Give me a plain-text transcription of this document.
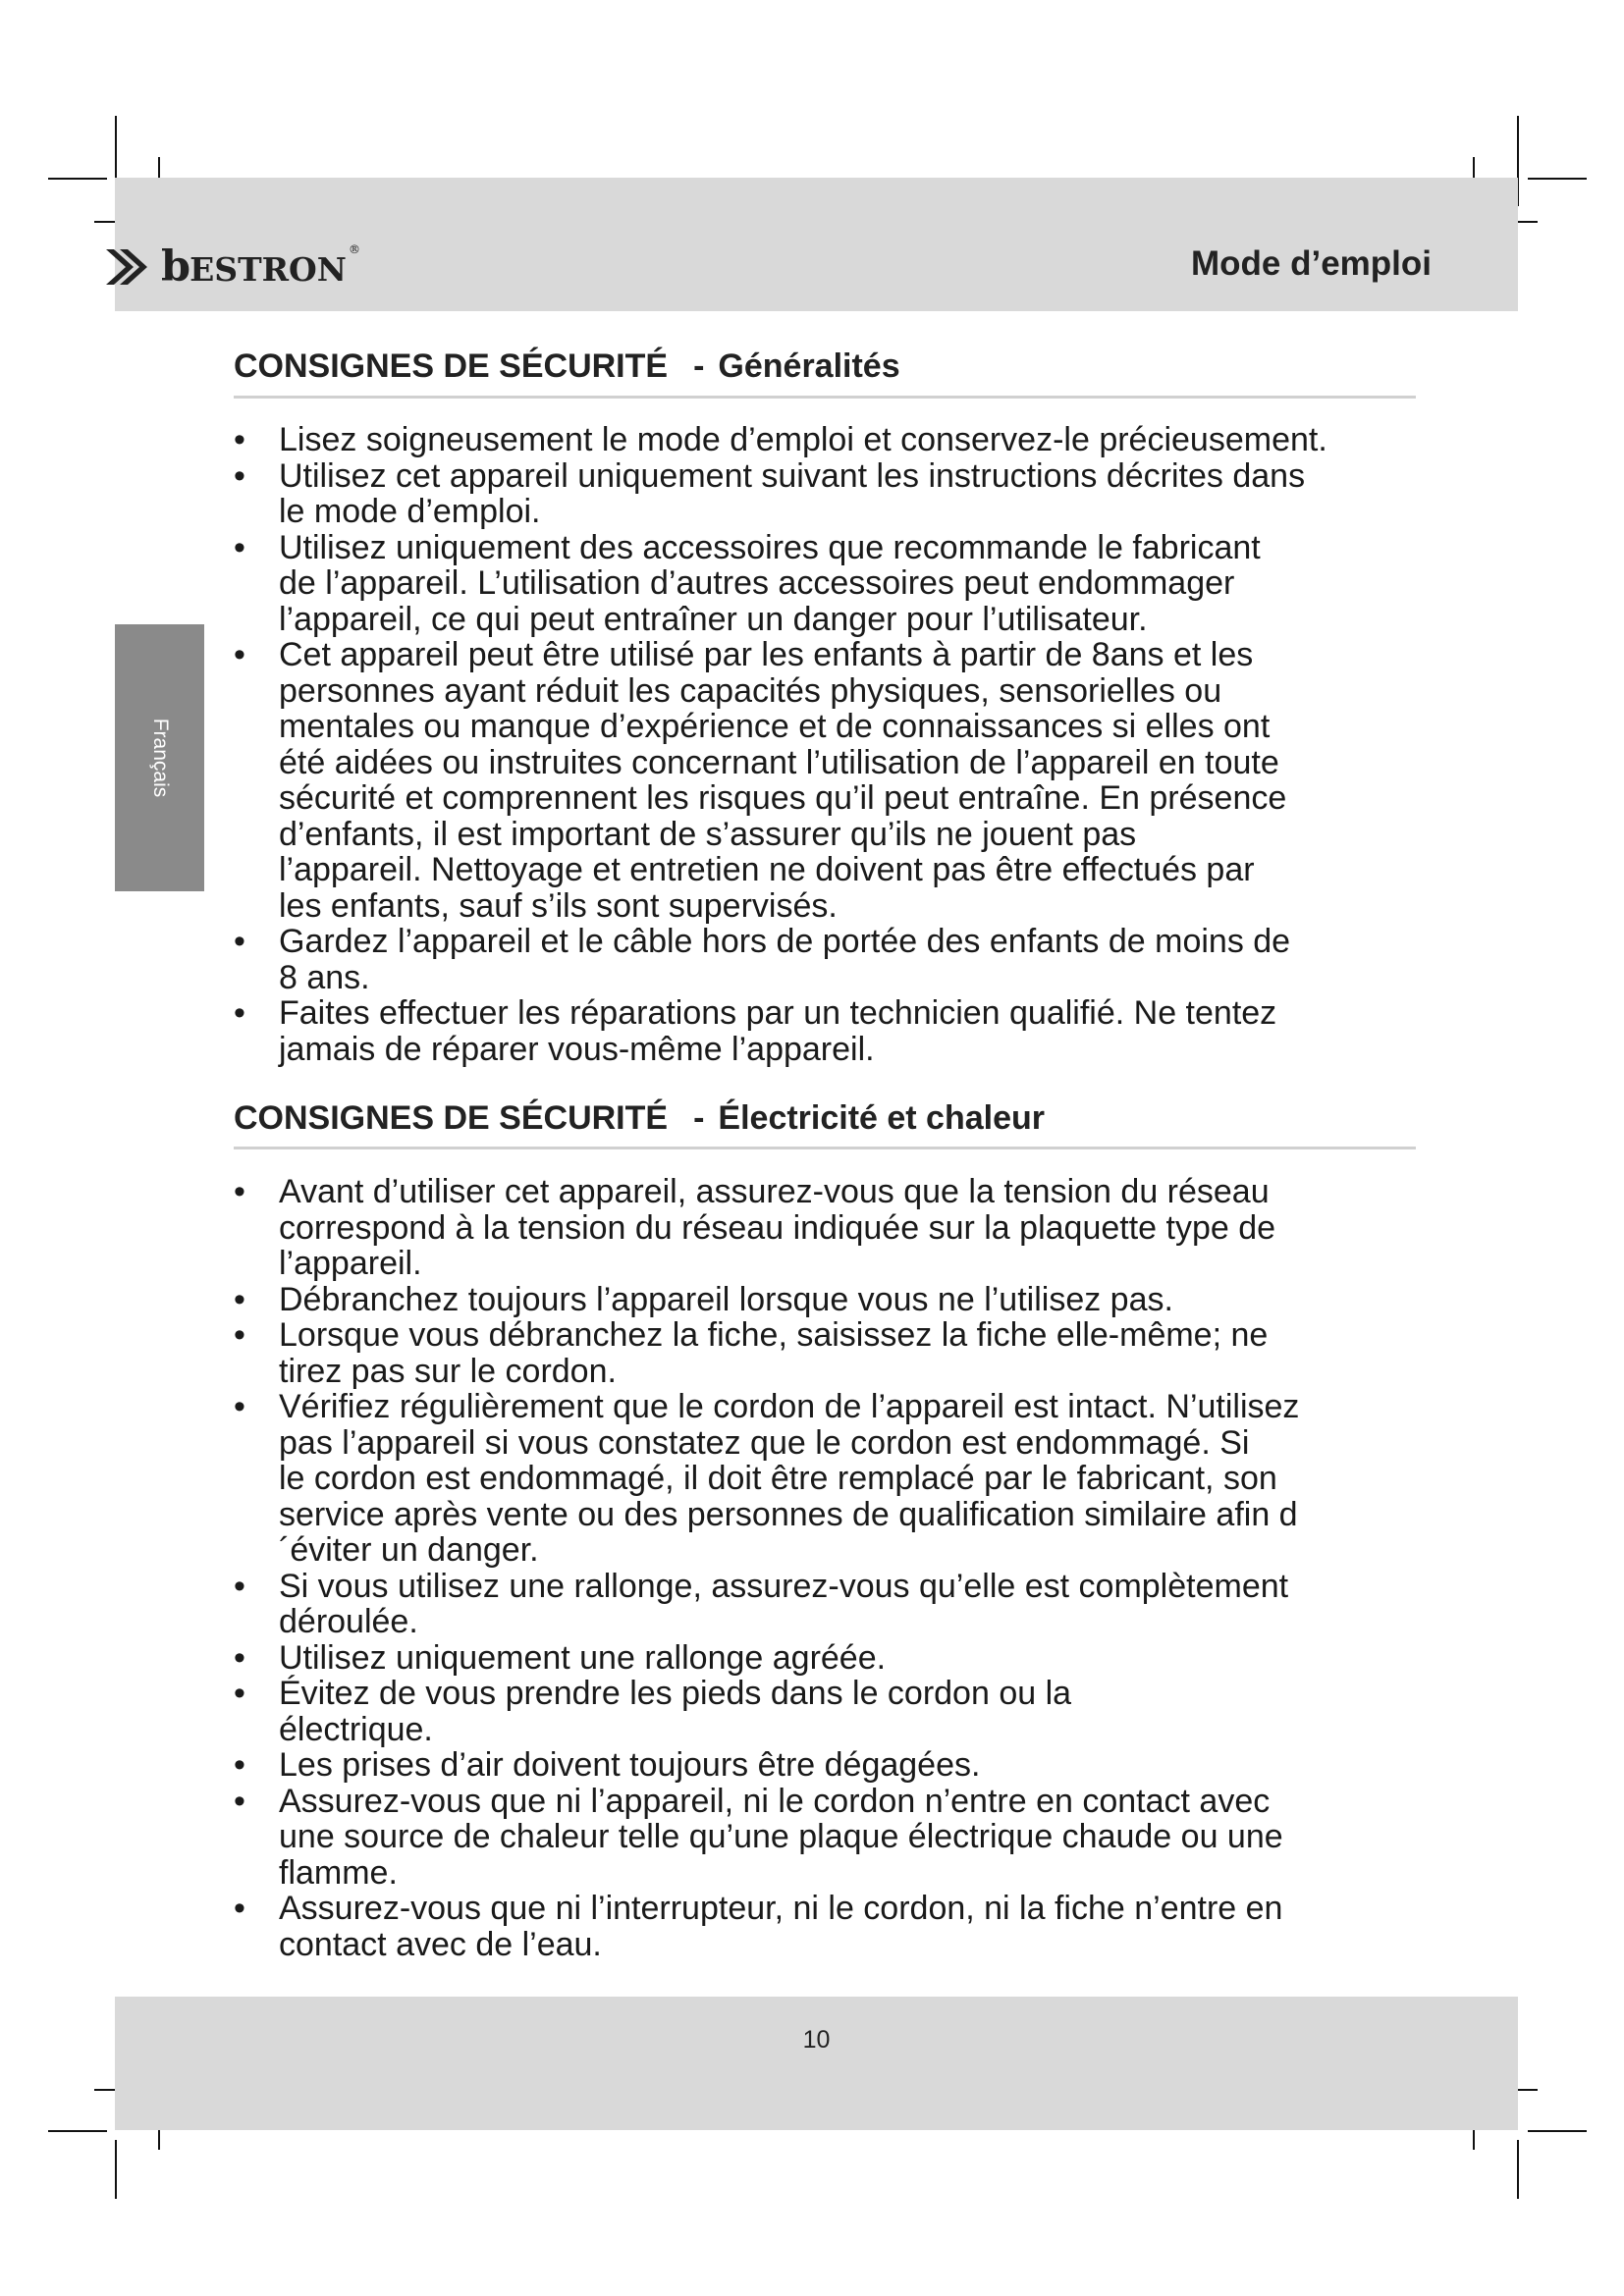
bESTRON®	Mode d’emploi
Français
CONSIGNES DE SÉCURITÉ - Généralités
• Lisez soigneusement le mode d’emploi et conservez-le précieusement.
• Utilisez cet appareil uniquement suivant les instructions décrites dans
le mode d’emploi.
• Utilisez uniquement des accessoires que recommande le fabricant
de l’appareil. L’utilisation d’autres accessoires peut endommager
l’appareil, ce qui peut entraîner un danger pour l’utilisateur.
• Cet appareil peut être utilisé par les enfants à partir de 8ans et les
personnes ayant réduit les capacités physiques, sensorielles ou
mentales ou manque d’expérience et de connaissances si elles ont
été aidées ou instruites concernant l’utilisation de l’appareil en toute
sécurité et comprennent les risques qu’il peut entraîne. En présence
d’enfants, il est important de s’assurer qu’ils ne jouent pas
l’appareil. Nettoyage et entretien ne doivent pas être effectués par
les enfants, sauf s’ils sont supervisés.
• Gardez l’appareil et le câble hors de portée des enfants de moins de
8 ans.
• Faites effectuer les réparations par un technicien qualifié. Ne tentez
jamais de réparer vous-même l’appareil.
CONSIGNES DE SÉCURITÉ - Électricité et chaleur
• Avant d’utiliser cet appareil, assurez-vous que la tension du réseau
correspond à la tension du réseau indiquée sur la plaquette type de
l’appareil.
• Débranchez toujours l’appareil lorsque vous ne l’utilisez pas.
• Lorsque vous débranchez la fiche, saisissez la fiche elle-même; ne
tirez pas sur le cordon.
• Vérifiez régulièrement que le cordon de l’appareil est intact. N’utilisez
pas l’appareil si vous constatez que le cordon est endommagé. Si
le cordon est endommagé, il doit être remplacé par le fabricant, son
service après vente ou des personnes de qualification similaire afin d
´éviter un danger.
• Si vous utilisez une rallonge, assurez-vous qu’elle est complètement
déroulée.
• Utilisez uniquement une rallonge agréée.
• Évitez de vous prendre les pieds dans le cordon ou la
électrique.
• Les prises d’air doivent toujours être dégagées.
• Assurez-vous que ni l’appareil, ni le cordon n’entre en contact avec
une source de chaleur telle qu’une plaque électrique chaude ou une
flamme.
• Assurez-vous que ni l’interrupteur, ni le cordon, ni la fiche n’entre en
contact avec de l’eau.
10
